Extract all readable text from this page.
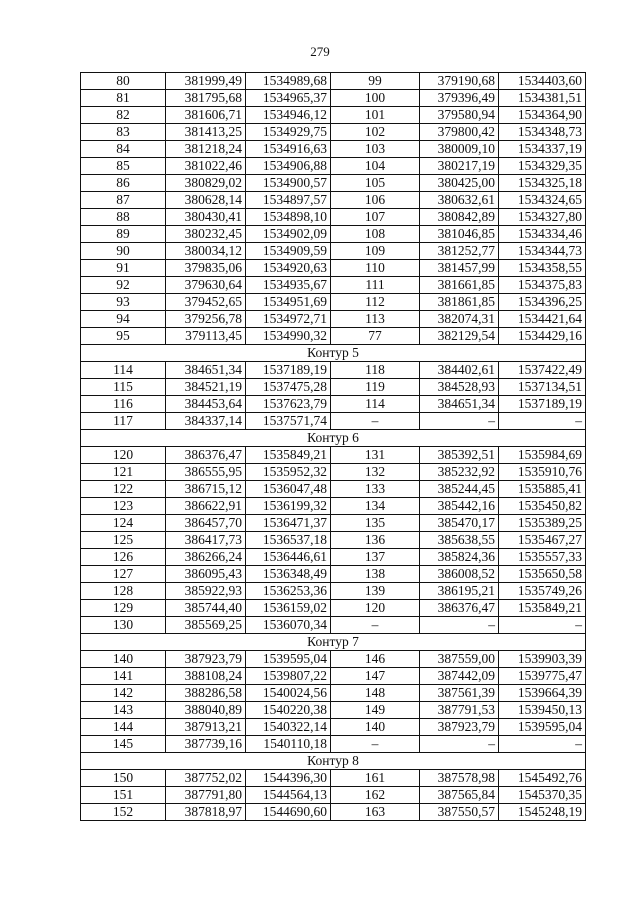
279
80	381999,49	1534989,68	99	379190,68	1534403,60
81	381795,68	1534965,37	100	379396,49	1534381,51
82	381606,71	1534946,12	101	379580,94	1534364,90
83	381413,25	1534929,75	102	379800,42	1534348,73
84	381218,24	1534916,63	103	380009,10	1534337,19
85	381022,46	1534906,88	104	380217,19	1534329,35
86	380829,02	1534900,57	105	380425,00	1534325,18
87	380628,14	1534897,57	106	380632,61	1534324,65
88	380430,41	1534898,10	107	380842,89	1534327,80
89	380232,45	1534902,09	108	381046,85	1534334,46
90	380034,12	1534909,59	109	381252,77	1534344,73
91	379835,06	1534920,63	110	381457,99	1534358,55
92	379630,64	1534935,67	111	381661,85	1534375,83
93	379452,65	1534951,69	112	381861,85	1534396,25
94	379256,78	1534972,71	113	382074,31	1534421,64
95	379113,45	1534990,32	77	382129,54	1534429,16
Контур 5					
114	384651,34	1537189,19	118	384402,61	1537422,49
115	384521,19	1537475,28	119	384528,93	1537134,51
116	384453,64	1537623,79	114	384651,34	1537189,19
117	384337,14	1537571,74	–	–	–
Контур 6					
120	386376,47	1535849,21	131	385392,51	1535984,69
121	386555,95	1535952,32	132	385232,92	1535910,76
122	386715,12	1536047,48	133	385244,45	1535885,41
123	386622,91	1536199,32	134	385442,16	1535450,82
124	386457,70	1536471,37	135	385470,17	1535389,25
125	386417,73	1536537,18	136	385638,55	1535467,27
126	386266,24	1536446,61	137	385824,36	1535557,33
127	386095,43	1536348,49	138	386008,52	1535650,58
128	385922,93	1536253,36	139	386195,21	1535749,26
129	385744,40	1536159,02	120	386376,47	1535849,21
130	385569,25	1536070,34	–	–	–
Контур 7					
140	387923,79	1539595,04	146	387559,00	1539903,39
141	388108,24	1539807,22	147	387442,09	1539775,47
142	388286,58	1540024,56	148	387561,39	1539664,39
143	388040,89	1540220,38	149	387791,53	1539450,13
144	387913,21	1540322,14	140	387923,79	1539595,04
145	387739,16	1540110,18	–	–	–
Контур 8					
150	387752,02	1544396,30	161	387578,98	1545492,76
151	387791,80	1544564,13	162	387565,84	1545370,35
152	387818,97	1544690,60	163	387550,57	1545248,19
